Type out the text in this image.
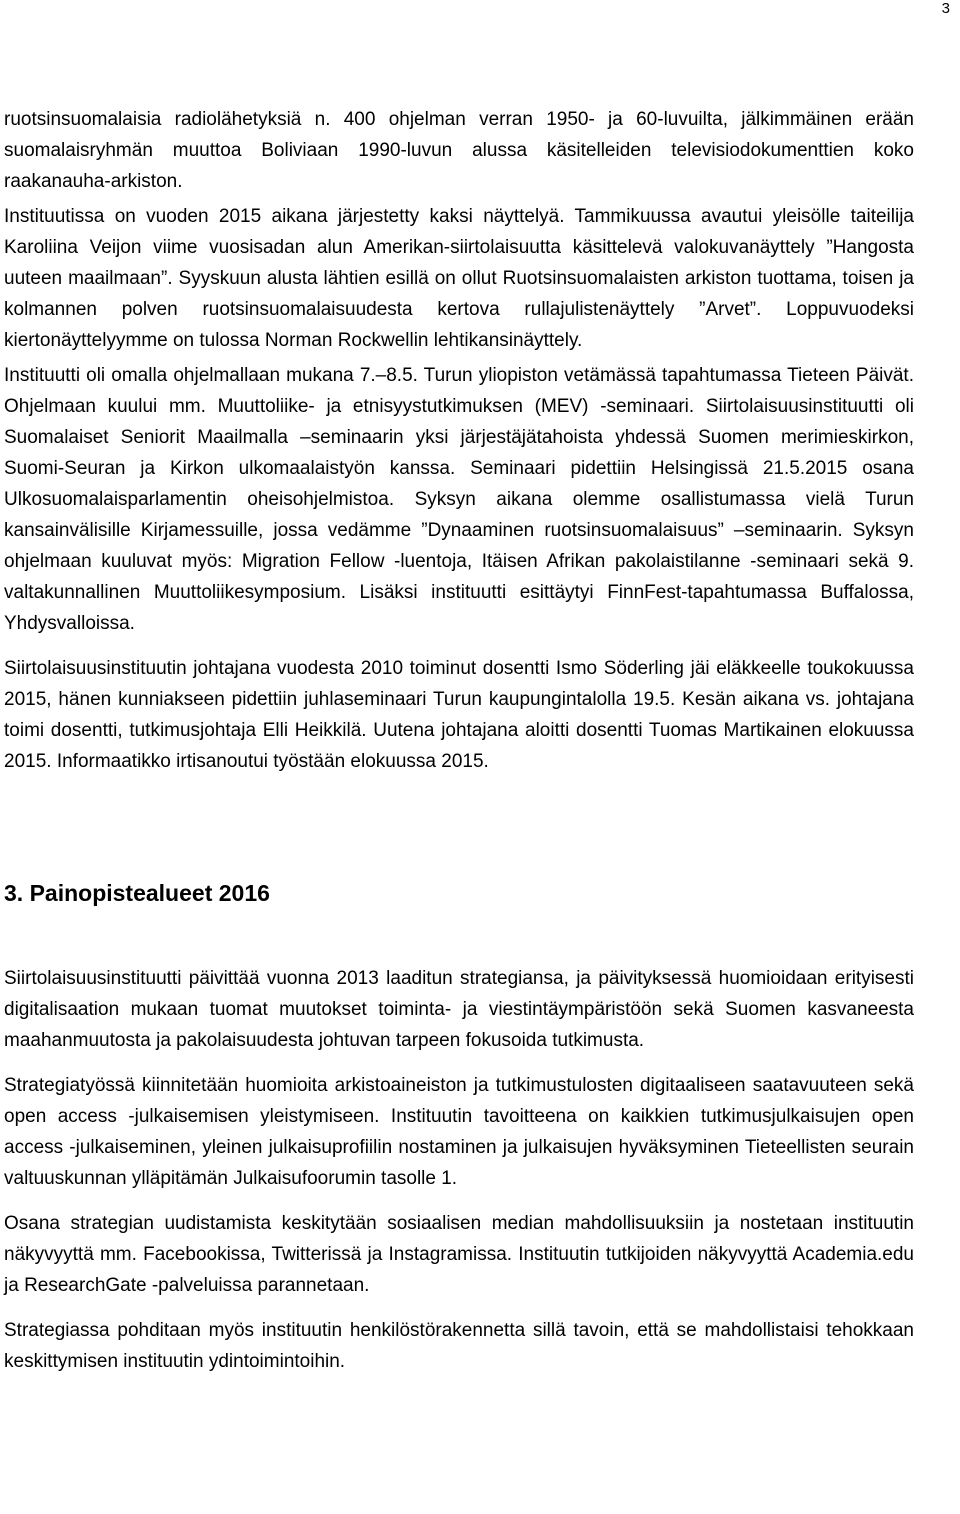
3

ruotsinsuomalaisia radiolähetyksiä n. 400 ohjelman verran 1950- ja 60-luvuilta, jälkimmäinen erään suomalaisryhmän muuttoa Boliviaan 1990-luvun alussa käsitelleiden televisiodokumenttien koko raakanauha-arkiston.

Instituutissa on vuoden 2015 aikana järjestetty kaksi näyttelyä. Tammikuussa avautui yleisölle taiteilija Karoliina Veijon viime vuosisadan alun Amerikan-siirtolaisuutta käsittelevä valokuvanäyttely ”Hangosta uuteen maailmaan”. Syyskuun alusta lähtien esillä on ollut Ruotsinsuomalaisten arkiston tuottama, toisen ja kolmannen polven ruotsinsuomalaisuudesta kertova rullajulistenäyttely ”Arvet”. Loppuvuodeksi kiertonäyttelyymme on tulossa Norman Rockwellin lehtikansinäyttely.

Instituutti oli omalla ohjelmallaan mukana 7.–8.5. Turun yliopiston vetämässä tapahtumassa Tieteen Päivät. Ohjelmaan kuului mm. Muuttoliike- ja etnisyystutkimuksen (MEV) -seminaari. Siirtolaisuusinstituutti oli Suomalaiset Seniorit Maailmalla –seminaarin yksi järjestäjätahoista yhdessä Suomen merimieskirkon, Suomi-Seuran ja Kirkon ulkomaalaistyön kanssa. Seminaari pidettiin Helsingissä 21.5.2015 osana Ulkosuomalaisparlamentin oheisohjelmistoa. Syksyn aikana olemme osallistumassa vielä Turun kansainvälisille Kirjamessuille, jossa vedämme ”Dynaaminen ruotsinsuomalaisuus” –seminaarin. Syksyn ohjelmaan kuuluvat myös: Migration Fellow -luentoja, Itäisen Afrikan pakolaistilanne -seminaari sekä 9. valtakunnallinen Muuttoliikesymposium. Lisäksi instituutti esittäytyi FinnFest-tapahtumassa Buffalossa, Yhdysvalloissa.

Siirtolaisuusinstituutin johtajana vuodesta 2010 toiminut dosentti Ismo Söderling jäi eläkkeelle toukokuussa 2015, hänen kunniakseen pidettiin juhlaseminaari Turun kaupungintalolla 19.5. Kesän aikana vs. johtajana toimi dosentti, tutkimusjohtaja Elli Heikkilä. Uutena johtajana aloitti dosentti Tuomas Martikainen elokuussa 2015. Informaatikko irtisanoutui työstään elokuussa 2015.

3. Painopistealueet 2016

Siirtolaisuusinstituutti päivittää vuonna 2013 laaditun strategiansa, ja päivityksessä huomioidaan erityisesti digitalisaation mukaan tuomat muutokset toiminta- ja viestintäympäristöön sekä Suomen kasvaneesta maahanmuutosta ja pakolaisuudesta johtuvan tarpeen fokusoida tutkimusta.

Strategiatyössä kiinnitetään huomioita arkistoaineiston ja tutkimustulosten digitaaliseen saatavuuteen sekä open access -julkaisemisen yleistymiseen. Instituutin tavoitteena on kaikkien tutkimusjulkaisujen open access -julkaiseminen, yleinen julkaisuprofiilin nostaminen ja julkaisujen hyväksyminen Tieteellisten seurain valtuuskunnan ylläpitämän Julkaisufoorumin tasolle 1.

Osana strategian uudistamista keskitytään sosiaalisen median mahdollisuuksiin ja nostetaan instituutin näkyvyyttä mm. Facebookissa, Twitterissä ja Instagramissa. Instituutin tutkijoiden näkyvyyttä Academia.edu ja ResearchGate -palveluissa parannetaan.

Strategiassa pohditaan myös instituutin henkilöstörakennetta sillä tavoin, että se mahdollistaisi tehokkaan keskittymisen instituutin ydintoimintoihin.
